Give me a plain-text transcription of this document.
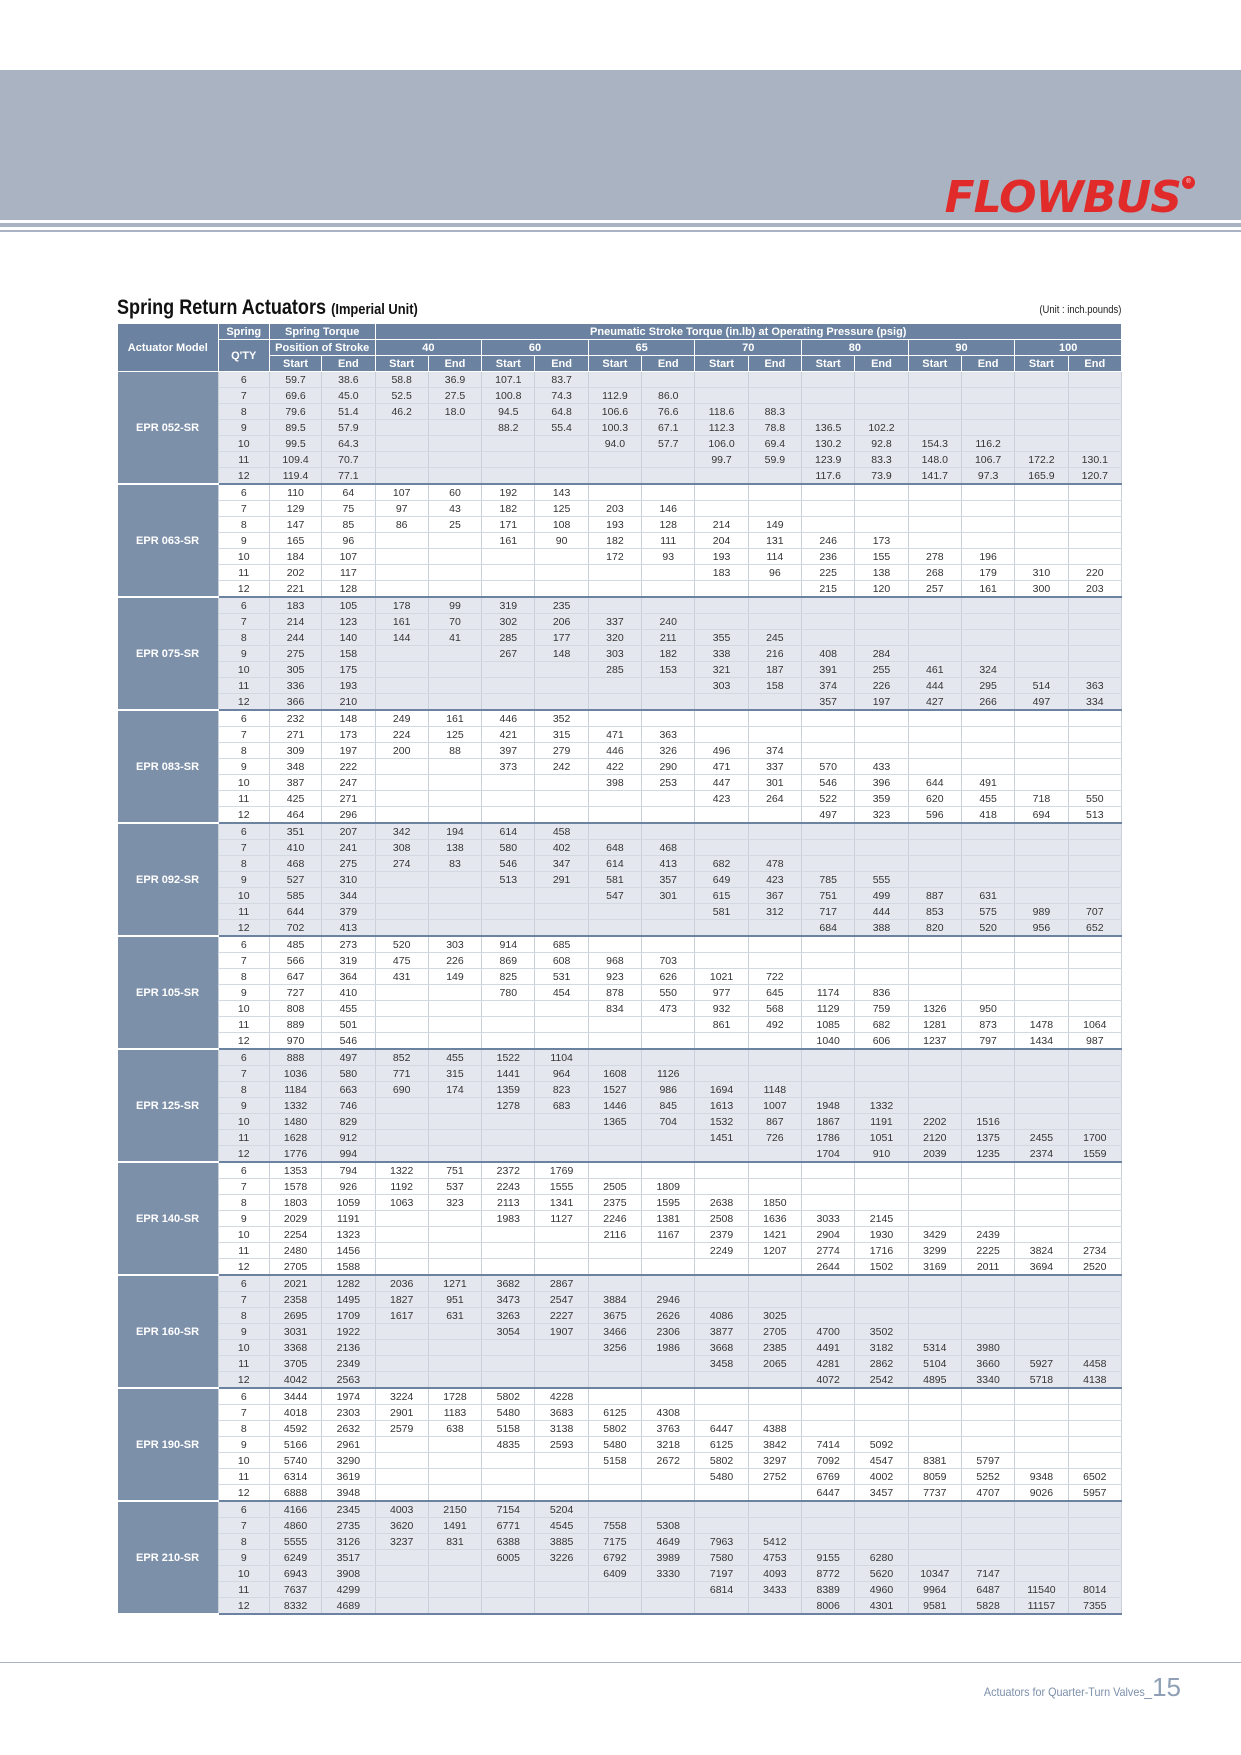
FLOWBUS ®
Spring Return Actuators (Imperial Unit)	(Unit : inch.pounds)
Actuator Model	Spring	Spring Torque		Pneumatic Stroke Torque (in.lb) at Operating Pressure (psig)													
	Q'TY	Position of Stroke		40		60		65		70		80		90		100	
		Start	End	Start	End	Start	End	Start	End	Start	End	Start	End	Start	End	Start	End
EPR 052-SR	6	59.7	38.6	58.8	36.9	107.1	83.7										
	7	69.6	45.0	52.5	27.5	100.8	74.3	112.9	86.0								
	8	79.6	51.4	46.2	18.0	94.5	64.8	106.6	76.6	118.6	88.3						
	9	89.5	57.9			88.2	55.4	100.3	67.1	112.3	78.8	136.5	102.2				
	10	99.5	64.3					94.0	57.7	106.0	69.4	130.2	92.8	154.3	116.2		
	11	109.4	70.7							99.7	59.9	123.9	83.3	148.0	106.7	172.2	130.1
	12	119.4	77.1									117.6	73.9	141.7	97.3	165.9	120.7
EPR 063-SR	6	110	64	107	60	192	143										
	7	129	75	97	43	182	125	203	146								
	8	147	85	86	25	171	108	193	128	214	149						
	9	165	96			161	90	182	111	204	131	246	173				
	10	184	107					172	93	193	114	236	155	278	196		
	11	202	117							183	96	225	138	268	179	310	220
	12	221	128									215	120	257	161	300	203
EPR 075-SR	6	183	105	178	99	319	235										
	7	214	123	161	70	302	206	337	240								
	8	244	140	144	41	285	177	320	211	355	245						
	9	275	158			267	148	303	182	338	216	408	284				
	10	305	175					285	153	321	187	391	255	461	324		
	11	336	193							303	158	374	226	444	295	514	363
	12	366	210									357	197	427	266	497	334
EPR 083-SR	6	232	148	249	161	446	352										
	7	271	173	224	125	421	315	471	363								
	8	309	197	200	88	397	279	446	326	496	374						
	9	348	222			373	242	422	290	471	337	570	433				
	10	387	247					398	253	447	301	546	396	644	491		
	11	425	271							423	264	522	359	620	455	718	550
	12	464	296									497	323	596	418	694	513
EPR 092-SR	6	351	207	342	194	614	458										
	7	410	241	308	138	580	402	648	468								
	8	468	275	274	83	546	347	614	413	682	478						
	9	527	310			513	291	581	357	649	423	785	555				
	10	585	344					547	301	615	367	751	499	887	631		
	11	644	379							581	312	717	444	853	575	989	707
	12	702	413									684	388	820	520	956	652
EPR 105-SR	6	485	273	520	303	914	685										
	7	566	319	475	226	869	608	968	703								
	8	647	364	431	149	825	531	923	626	1021	722						
	9	727	410			780	454	878	550	977	645	1174	836				
	10	808	455					834	473	932	568	1129	759	1326	950		
	11	889	501							861	492	1085	682	1281	873	1478	1064
	12	970	546									1040	606	1237	797	1434	987
EPR 125-SR	6	888	497	852	455	1522	1104										
	7	1036	580	771	315	1441	964	1608	1126								
	8	1184	663	690	174	1359	823	1527	986	1694	1148						
	9	1332	746			1278	683	1446	845	1613	1007	1948	1332				
	10	1480	829					1365	704	1532	867	1867	1191	2202	1516		
	11	1628	912							1451	726	1786	1051	2120	1375	2455	1700
	12	1776	994									1704	910	2039	1235	2374	1559
EPR 140-SR	6	1353	794	1322	751	2372	1769										
	7	1578	926	1192	537	2243	1555	2505	1809								
	8	1803	1059	1063	323	2113	1341	2375	1595	2638	1850						
	9	2029	1191			1983	1127	2246	1381	2508	1636	3033	2145				
	10	2254	1323					2116	1167	2379	1421	2904	1930	3429	2439		
	11	2480	1456							2249	1207	2774	1716	3299	2225	3824	2734
	12	2705	1588									2644	1502	3169	2011	3694	2520
EPR 160-SR	6	2021	1282	2036	1271	3682	2867										
	7	2358	1495	1827	951	3473	2547	3884	2946								
	8	2695	1709	1617	631	3263	2227	3675	2626	4086	3025						
	9	3031	1922			3054	1907	3466	2306	3877	2705	4700	3502				
	10	3368	2136					3256	1986	3668	2385	4491	3182	5314	3980		
	11	3705	2349							3458	2065	4281	2862	5104	3660	5927	4458
	12	4042	2563									4072	2542	4895	3340	5718	4138
EPR 190-SR	6	3444	1974	3224	1728	5802	4228										
	7	4018	2303	2901	1183	5480	3683	6125	4308								
	8	4592	2632	2579	638	5158	3138	5802	3763	6447	4388						
	9	5166	2961			4835	2593	5480	3218	6125	3842	7414	5092				
	10	5740	3290					5158	2672	5802	3297	7092	4547	8381	5797		
	11	6314	3619							5480	2752	6769	4002	8059	5252	9348	6502
	12	6888	3948									6447	3457	7737	4707	9026	5957
EPR 210-SR	6	4166	2345	4003	2150	7154	5204										
	7	4860	2735	3620	1491	6771	4545	7558	5308								
	8	5555	3126	3237	831	6388	3885	7175	4649	7963	5412						
	9	6249	3517			6005	3226	6792	3989	7580	4753	9155	6280				
	10	6943	3908					6409	3330	7197	4093	8772	5620	10347	7147		
	11	7637	4299							6814	3433	8389	4960	9964	6487	11540	8014
	12	8332	4689									8006	4301	9581	5828	11157	7355
Actuators for Quarter-Turn Valves_15
